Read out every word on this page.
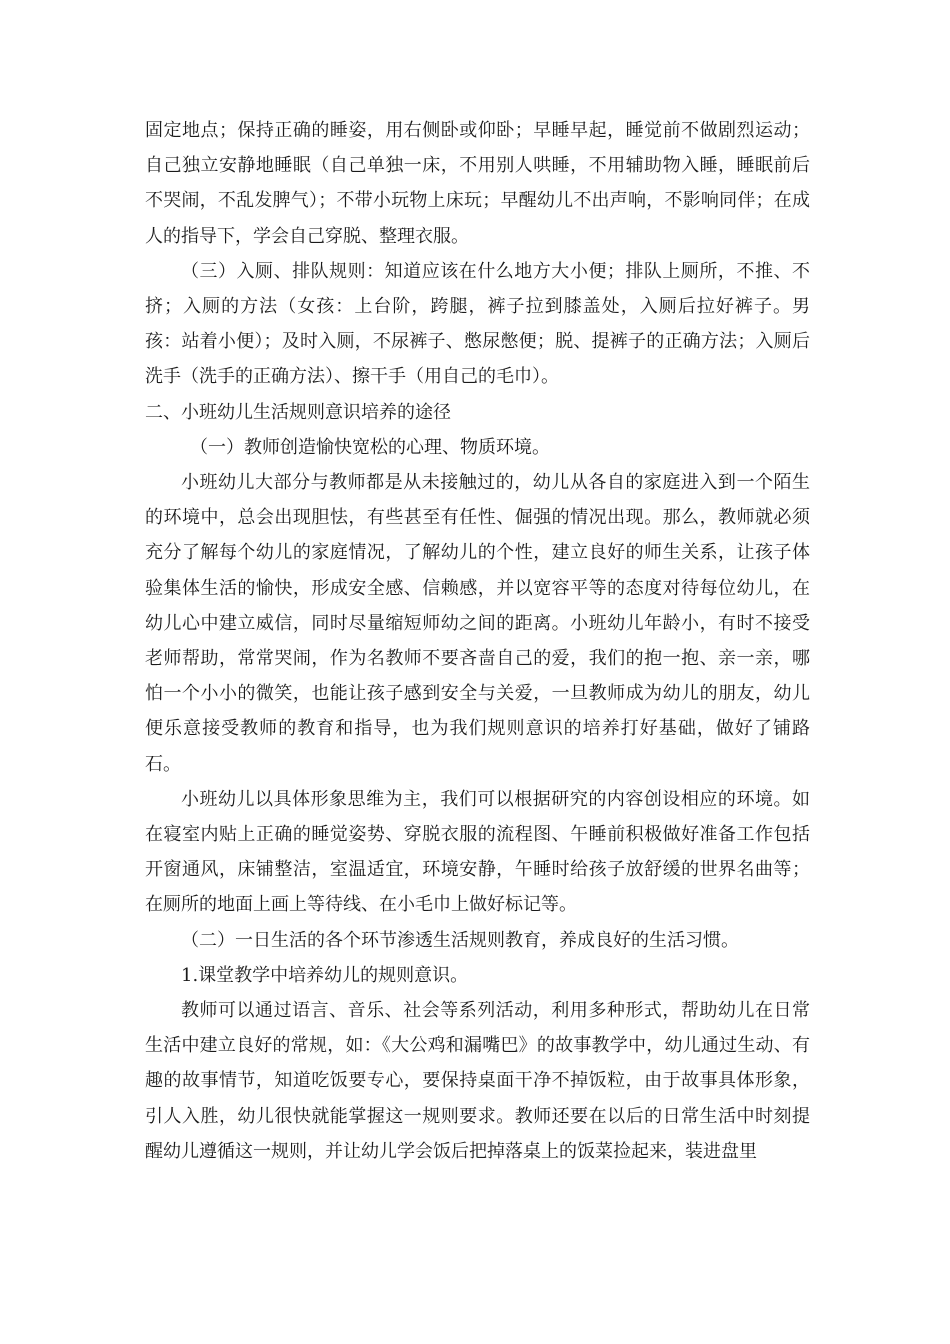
固定地点；保持正确的睡姿，用右侧卧或仰卧；早睡早起，睡觉前不做剧烈运动；自己独立安静地睡眠（自己单独一床，不用别人哄睡，不用辅助物入睡，睡眠前后不哭闹，不乱发脾气）；不带小玩物上床玩；早醒幼儿不出声响，不影响同伴；在成人的指导下，学会自己穿脱、整理衣服。

（三）入厕、排队规则：知道应该在什么地方大小便；排队上厕所，不推、不挤；入厕的方法（女孩：上台阶，跨腿，裤子拉到膝盖处，入厕后拉好裤子。男孩：站着小便）；及时入厕，不尿裤子、憋尿憋便；脱、提裤子的正确方法；入厕后洗手（洗手的正确方法）、擦干手（用自己的毛巾）。

二、小班幼儿生活规则意识培养的途径

（一）教师创造愉快宽松的心理、物质环境。

小班幼儿大部分与教师都是从未接触过的，幼儿从各自的家庭进入到一个陌生的环境中，总会出现胆怯，有些甚至有任性、倔强的情况出现。那么，教师就必须充分了解每个幼儿的家庭情况，了解幼儿的个性，建立良好的师生关系，让孩子体验集体生活的愉快，形成安全感、信赖感，并以宽容平等的态度对待每位幼儿，在幼儿心中建立威信，同时尽量缩短师幼之间的距离。小班幼儿年龄小，有时不接受老师帮助，常常哭闹，作为名教师不要吝啬自己的爱，我们的抱一抱、亲一亲，哪怕一个小小的微笑，也能让孩子感到安全与关爱，一旦教师成为幼儿的朋友，幼儿便乐意接受教师的教育和指导，也为我们规则意识的培养打好基础，做好了铺路石。

小班幼儿以具体形象思维为主，我们可以根据研究的内容创设相应的环境。如在寝室内贴上正确的睡觉姿势、穿脱衣服的流程图、午睡前积极做好准备工作包括开窗通风，床铺整洁，室温适宜，环境安静，午睡时给孩子放舒缓的世界名曲等；在厕所的地面上画上等待线、在小毛巾上做好标记等。

（二）一日生活的各个环节渗透生活规则教育，养成良好的生活习惯。

1.课堂教学中培养幼儿的规则意识。

教师可以通过语言、音乐、社会等系列活动，利用多种形式，帮助幼儿在日常生活中建立良好的常规，如：《大公鸡和漏嘴巴》的故事教学中，幼儿通过生动、有趣的故事情节，知道吃饭要专心，要保持桌面干净不掉饭粒，由于故事具体形象，引人入胜，幼儿很快就能掌握这一规则要求。教师还要在以后的日常生活中时刻提醒幼儿遵循这一规则，并让幼儿学会饭后把掉落桌上的饭菜捡起来，装进盘里
